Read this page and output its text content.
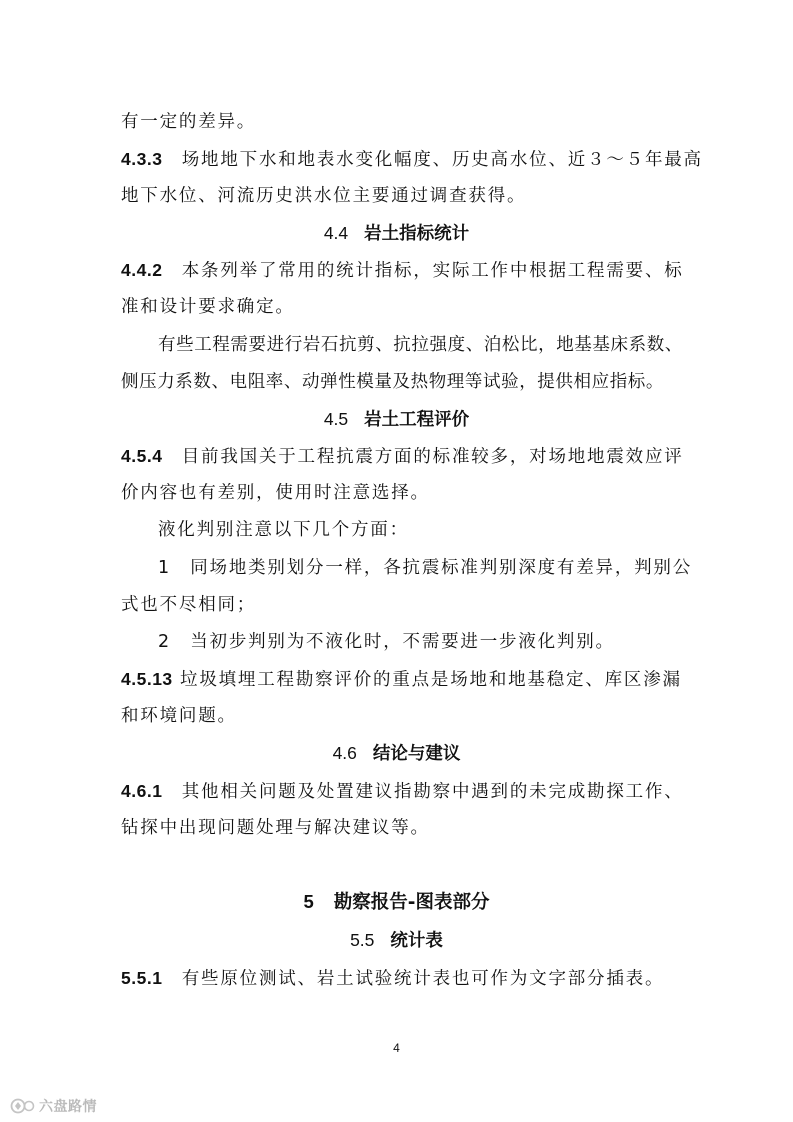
有一定的差异。
4.3.3　 场地地下水和地表水变化幅度、历史高水位、近３～５年最高
地下水位、河流历史洪水位主要通过调查获得。
4.4 岩土指标统计
4.4.2　 本条列举了常用的统计指标，实际工作中根据工程需要、标
准和设计要求确定。
有些工程需要进行岩石抗剪、抗拉强度、泊松比，地基基床系数、
侧压力系数、电阻率、动弹性模量及热物理等试验，提供相应指标。
4.5 岩土工程评价
4.5.4　 目前我国关于工程抗震方面的标准较多，对场地地震效应评
价内容也有差别，使用时注意选择。
液化判别注意以下几个方面：
1　同场地类别划分一样，各抗震标准判别深度有差异，判别公
式也不尽相同；
2　当初步判别为不液化时，不需要进一步液化判别。
4.5.13 垃圾填埋工程勘察评价的重点是场地和地基稳定、库区渗漏
和环境问题。
4.6 结论与建议
4.6.1　 其他相关问题及处置建议指勘察中遇到的未完成勘探工作、
钻探中出现问题处理与解决建议等。
5 勘察报告-图表部分
5.5 统计表
5.5.1　 有些原位测试、岩土试验统计表也可作为文字部分插表。
4
六盘路情
